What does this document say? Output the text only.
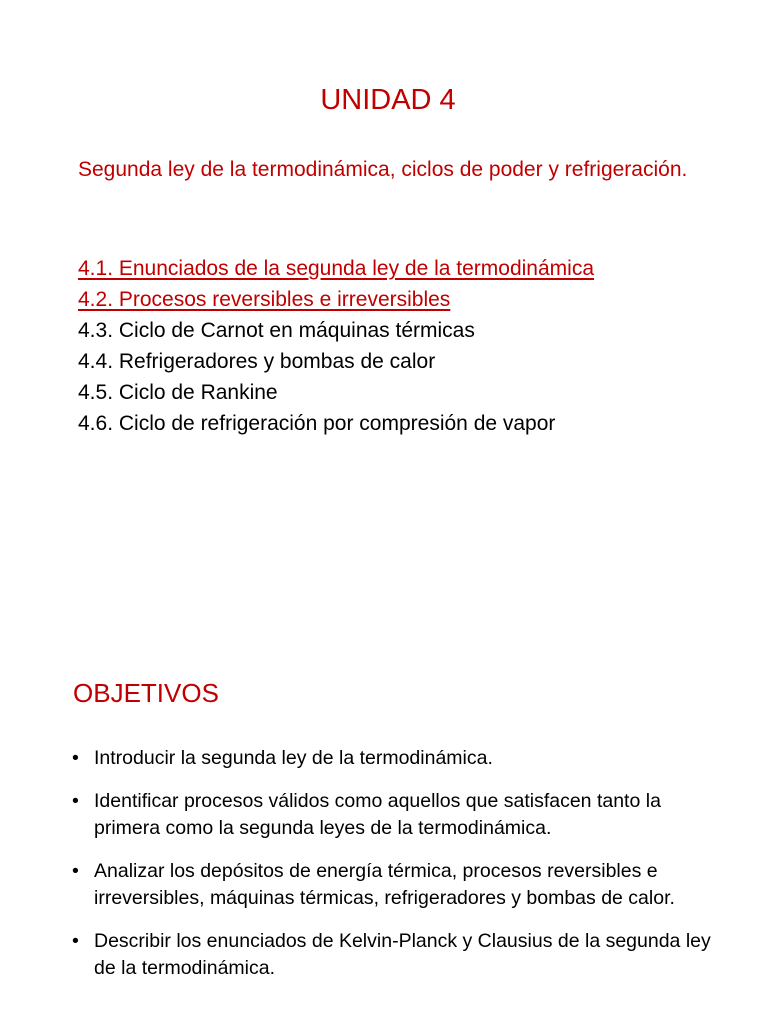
UNIDAD 4

Segunda ley de la termodinámica, ciclos de poder y refrigeración.

4.1. Enunciados de la segunda ley de la termodinámica
4.2. Procesos reversibles e irreversibles
4.3. Ciclo de Carnot en máquinas térmicas
4.4. Refrigeradores y bombas de calor
4.5. Ciclo de Rankine
4.6. Ciclo de refrigeración por compresión de vapor
OBJETIVOS
• Introducir la segunda ley de la termodinámica.
• Identificar procesos válidos como aquellos que satisfacen tanto la primera como la segunda leyes de la termodinámica.
• Analizar los depósitos de energía térmica, procesos reversibles e irreversibles, máquinas térmicas, refrigeradores y bombas de calor.
• Describir los enunciados de Kelvin-Planck y Clausius de la segunda ley de la termodinámica.
